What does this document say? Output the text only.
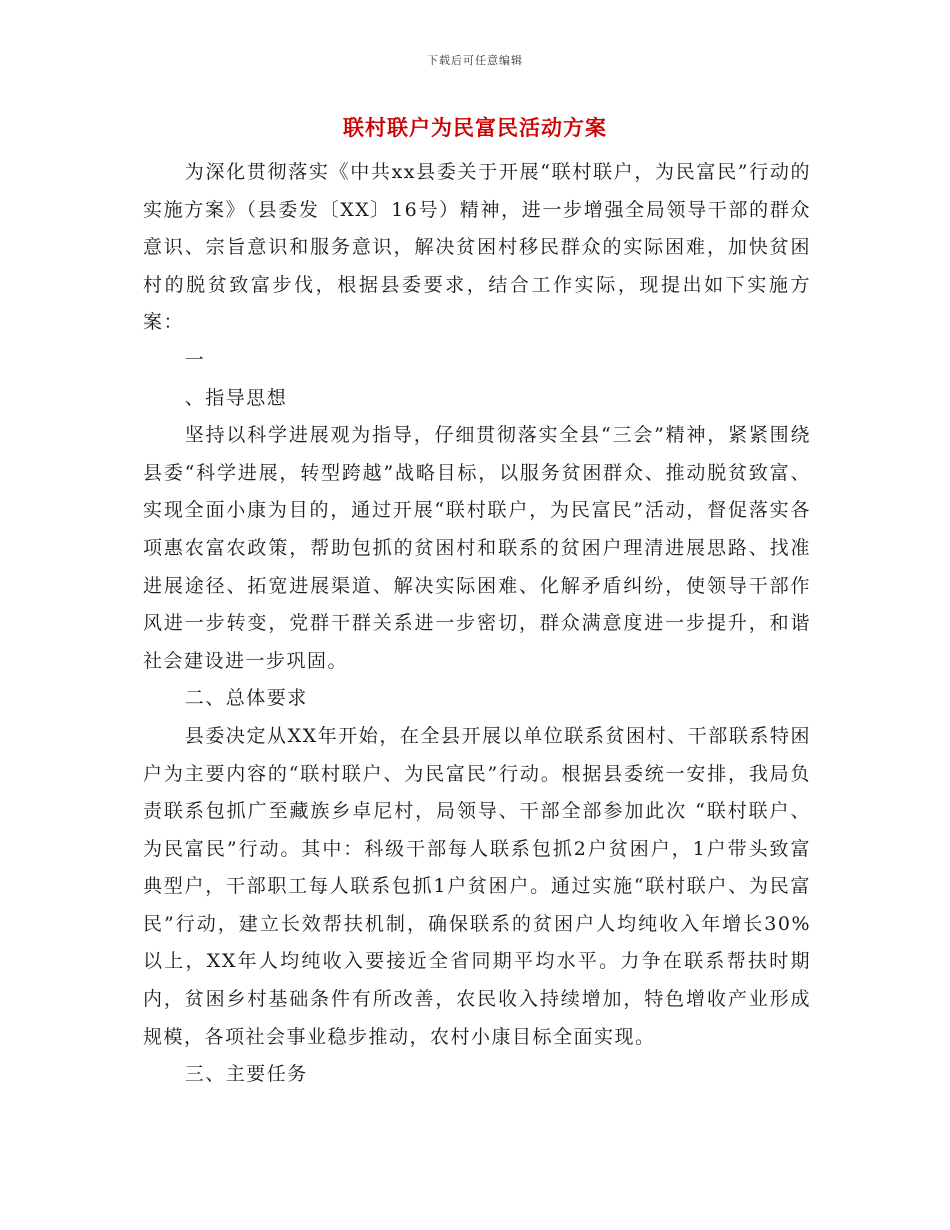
下载后可任意编辑
联村联户为民富民活动方案

为深化贯彻落实《中共xx县委关于开展“联村联户，为民富民”行动的实施方案》（县委发〔XX〕16号）精神，进一步增强全局领导干部的群众意识、宗旨意识和服务意识，解决贫困村移民群众的实际困难，加快贫困村的脱贫致富步伐，根据县委要求，结合工作实际，现提出如下实施方案：

一

、指导思想

坚持以科学进展观为指导，仔细贯彻落实全县“三会”精神，紧紧围绕县委“科学进展，转型跨越”战略目标，以服务贫困群众、推动脱贫致富、实现全面小康为目的，通过开展“联村联户，为民富民”活动，督促落实各项惠农富农政策，帮助包抓的贫困村和联系的贫困户理清进展思路、找准进展途径、拓宽进展渠道、解决实际困难、化解矛盾纠纷，使领导干部作风进一步转变，党群干群关系进一步密切，群众满意度进一步提升，和谐社会建设进一步巩固。

二、总体要求

县委决定从XX年开始，在全县开展以单位联系贫困村、干部联系特困户为主要内容的“联村联户、为民富民”行动。根据县委统一安排，我局负责联系包抓广至藏族乡卓尼村，局领导、干部全部参加此次 “联村联户、为民富民”行动。其中：科级干部每人联系包抓2户贫困户，1户带头致富典型户，干部职工每人联系包抓1户贫困户。通过实施“联村联户、为民富民”行动，建立长效帮扶机制，确保联系的贫困户人均纯收入年增长30%以上，XX年人均纯收入要接近全省同期平均水平。力争在联系帮扶时期内，贫困乡村基础条件有所改善，农民收入持续增加，特色增收产业形成规模，各项社会事业稳步推动，农村小康目标全面实现。

三、主要任务
